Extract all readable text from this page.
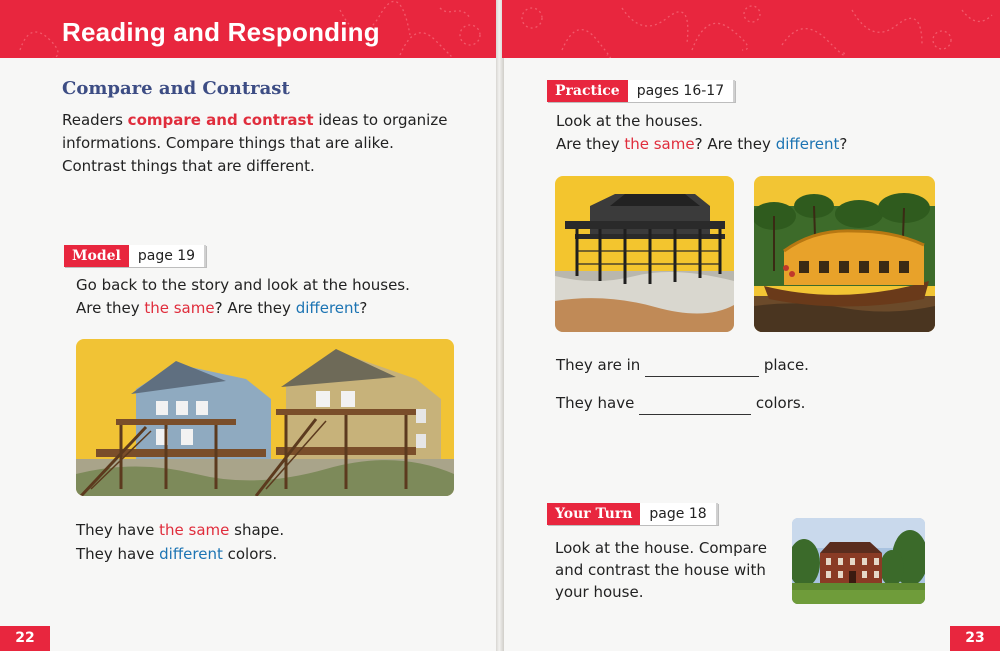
Reading and Responding
Compare and Contrast
Readers compare and contrast ideas to organize informations. Compare things that are alike. Contrast things that are different.
Model	page 19
Go back to the story and look at the houses.
Are they the same? Are they different?
They have the same shape.
They have different colors.
22
Practice	pages 16-17
Look at the houses.
Are they the same? Are they different?
They are in	place.
They have	colors.
Your Turn	page 18
Look at the house. Compare and contrast the house with your house.
23
